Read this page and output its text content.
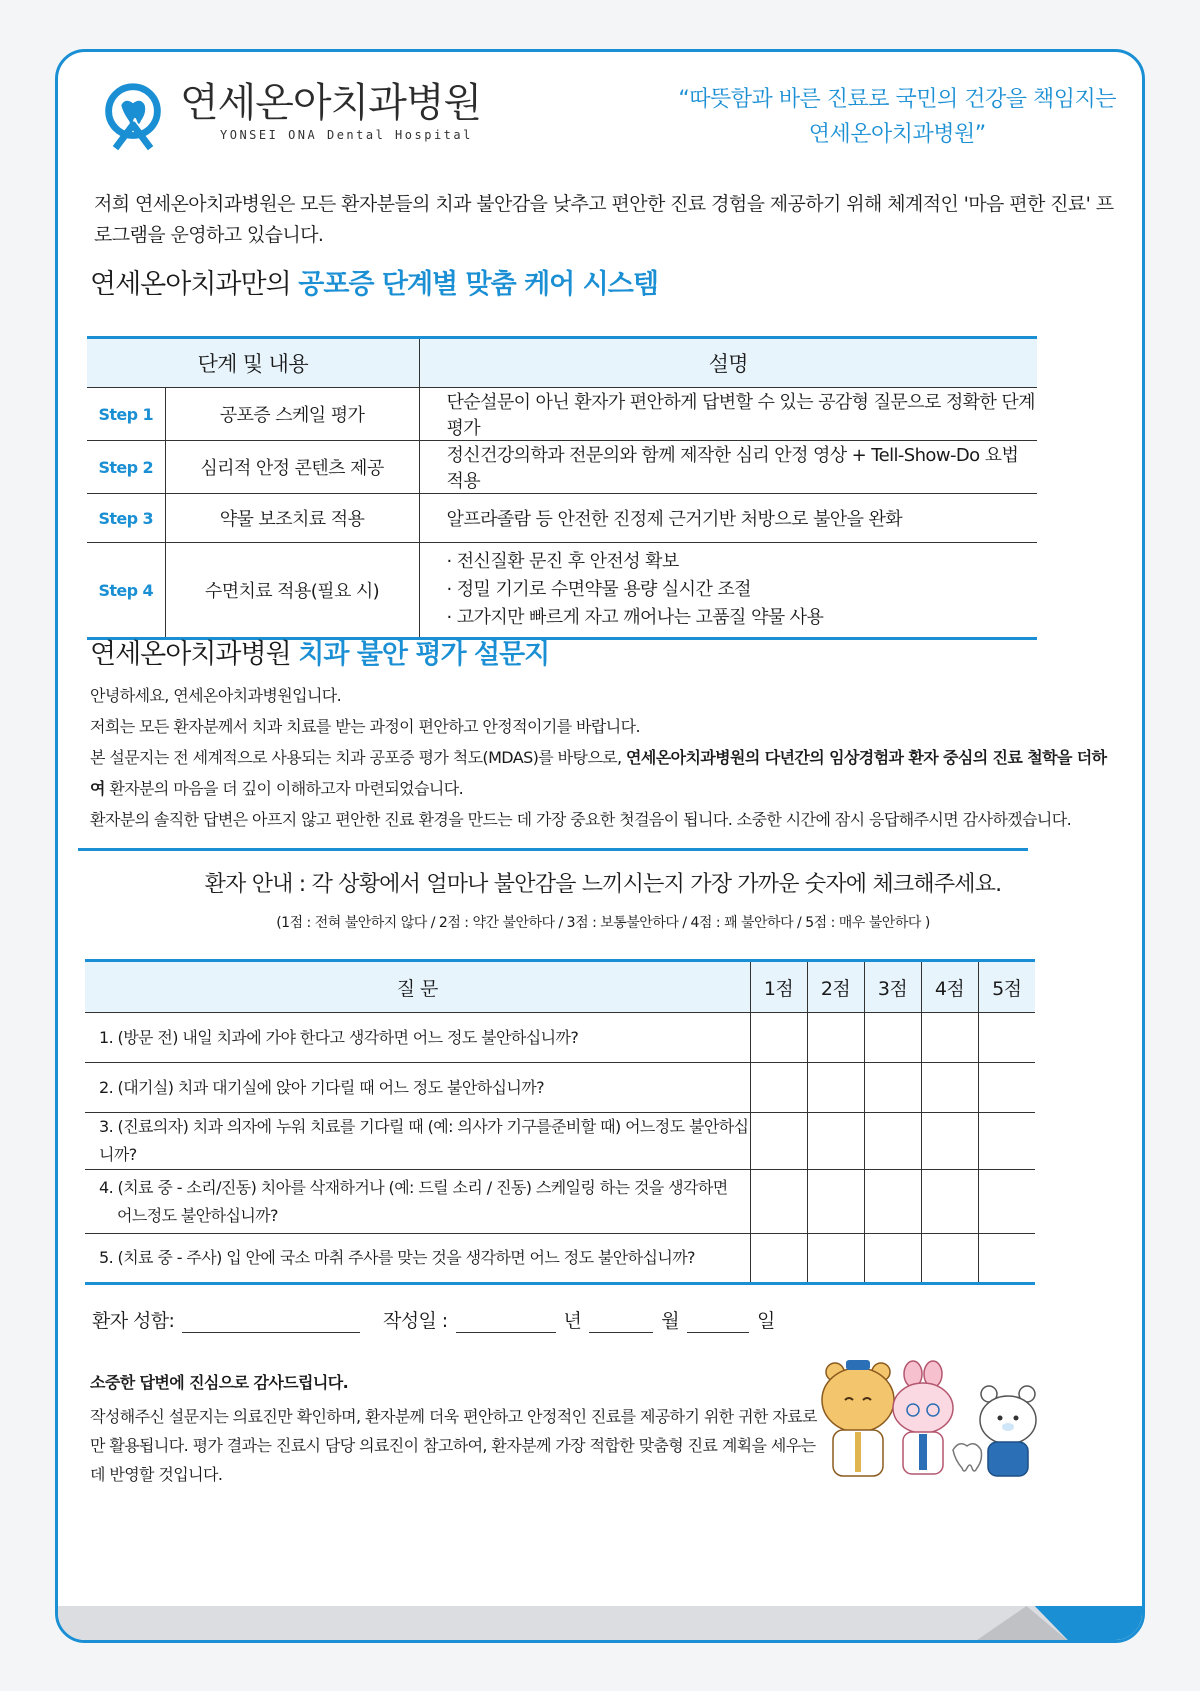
연세온아치과병원
YONSEI ONA Dental Hospital
“따뜻함과 바른 진료로 국민의 건강을 책임지는
연세온아치과병원”

저희 연세온아치과병원은 모든 환자분들의 치과 불안감을 낮추고 편안한 진료 경험을 제공하기 위해 체계적인 '마음 편한 진료' 프로그램을 운영하고 있습니다.

연세온아치과만의 공포증 단계별 맞춤 케어 시스템
단계 및 내용		설명
Step 1	공포증 스케일 평가	단순설문이 아닌 환자가 편안하게 답변할 수 있는 공감형 질문으로 정확한 단계 평가
Step 2	심리적 안정 콘텐츠 제공	정신건강의학과 전문의와 함께 제작한 심리 안정 영상 + Tell-Show-Do 요법 적용
Step 3	약물 보조치료 적용	알프라졸람 등 안전한 진정제 근거기반 처방으로 불안을 완화
Step 4	수면치료 적용(필요 시)	· 전신질환 문진 후 안전성 확보
· 정밀 기기로 수면약물 용량 실시간 조절
· 고가지만 빠르게 자고 깨어나는 고품질 약물 사용
연세온아치과병원 치과 불안 평가 설문지
안녕하세요, 연세온아치과병원입니다.
저희는 모든 환자분께서 치과 치료를 받는 과정이 편안하고 안정적이기를 바랍니다.
본 설문지는 전 세계적으로 사용되는 치과 공포증 평가 척도(MDAS)를 바탕으로, 연세온아치과병원의 다년간의 임상경험과 환자 중심의 진료 철학을 더하여 환자분의 마음을 더 깊이 이해하고자 마련되었습니다.
환자분의 솔직한 답변은 아프지 않고 편안한 진료 환경을 만드는 데 가장 중요한 첫걸음이 됩니다. 소중한 시간에 잠시 응답해주시면 감사하겠습니다.
환자 안내 : 각 상황에서 얼마나 불안감을 느끼시는지 가장 가까운 숫자에 체크해주세요.
(1점 : 전혀 불안하지 않다 / 2점 : 약간 불안하다 / 3점 : 보통불안하다 / 4점 : 꽤 불안하다 / 5점 : 매우 불안하다 )
질 문	1점	2점	3점	4점	5점
1. (방문 전) 내일 치과에 가야 한다고 생각하면 어느 정도 불안하십니까?					
2. (대기실) 치과 대기실에 앉아 기다릴 때 어느 정도 불안하십니까?					
3. (진료의자) 치과 의자에 누워 치료를 기다릴 때 (예: 의사가 기구를준비할 때) 어느정도 불안하십니까?					
4. (치료 중 - 소리/진동) 치아를 삭재하거나 (예: 드릴 소리 / 진동) 스케일링 하는 것을 생각하면
어느정도 불안하십니까?					

5. (치료 중 - 주사) 입 안에 국소 마취 주사를 맞는 것을 생각하면 어느 정도 불안하십니까?					
환자 성함:	작성일 :	년	월	일
소중한 답변에 진심으로 감사드립니다.

작성해주신 설문지는 의료진만 확인하며, 환자분께 더욱 편안하고 안정적인 진료를 제공하기 위한 귀한 자료로만 활용됩니다. 평가 결과는 진료시 담당 의료진이 참고하여, 환자분께 가장 적합한 맞춤형 진료 계획을 세우는 데 반영할 것입니다.
